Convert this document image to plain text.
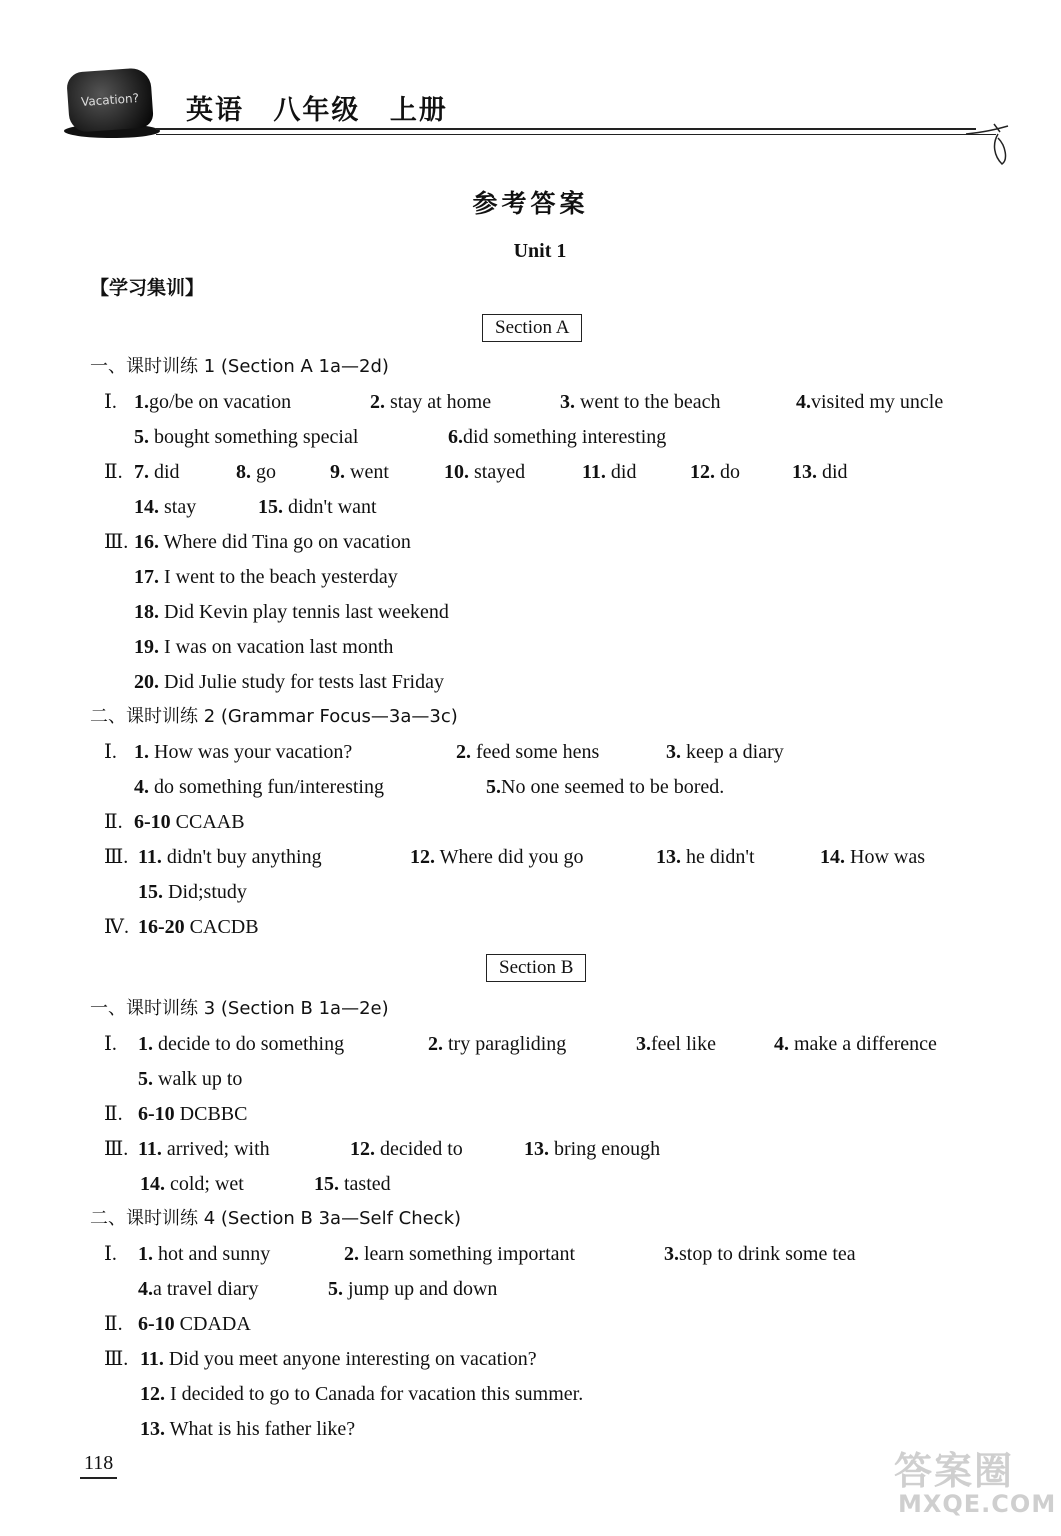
Vacation? 英语 八年级 上册
参考答案
Unit 1
【学习集训】
Section A
一、课时训练 1 (Section A 1a—2d)
Ⅰ. 1.go/be on vacation	2. stay at home	3. went to the beach	4.visited my uncle
5. bought something special	6.did something interesting
Ⅱ. 7. did	8. go	9. went	10. stayed	11. did	12. do	13. did
14. stay	15. didn't want
Ⅲ. 16. Where did Tina go on vacation
17. I went to the beach yesterday
18. Did Kevin play tennis last weekend
19. I was on vacation last month
20. Did Julie study for tests last Friday
二、课时训练 2 (Grammar Focus—3a—3c)
Ⅰ. 1. How was your vacation?	2. feed some hens	3. keep a diary
4. do something fun/interesting	5.No one seemed to be bored.
Ⅱ. 6-10 CCAAB
Ⅲ. 11. didn't buy anything	12. Where did you go	13. he didn't	14. How was
15. Did;study
Ⅳ. 16-20 CACDB
Section B
一、课时训练 3 (Section B 1a—2e)
Ⅰ. 1. decide to do something	2. try paragliding	3.feel like	4. make a difference
5. walk up to
Ⅱ. 6-10 DCBBC
Ⅲ. 11. arrived; with	12. decided to	13. bring enough
14. cold; wet	15. tasted
二、课时训练 4 (Section B 3a—Self Check)
Ⅰ. 1. hot and sunny	2. learn something important	3.stop to drink some tea
4.a travel diary	5. jump up and down
Ⅱ. 6-10 CDADA
Ⅲ. 11. Did you meet anyone interesting on vacation?
12. I decided to go to Canada for vacation this summer.
13. What is his father like?
118	答案圈
MXQE.COM
